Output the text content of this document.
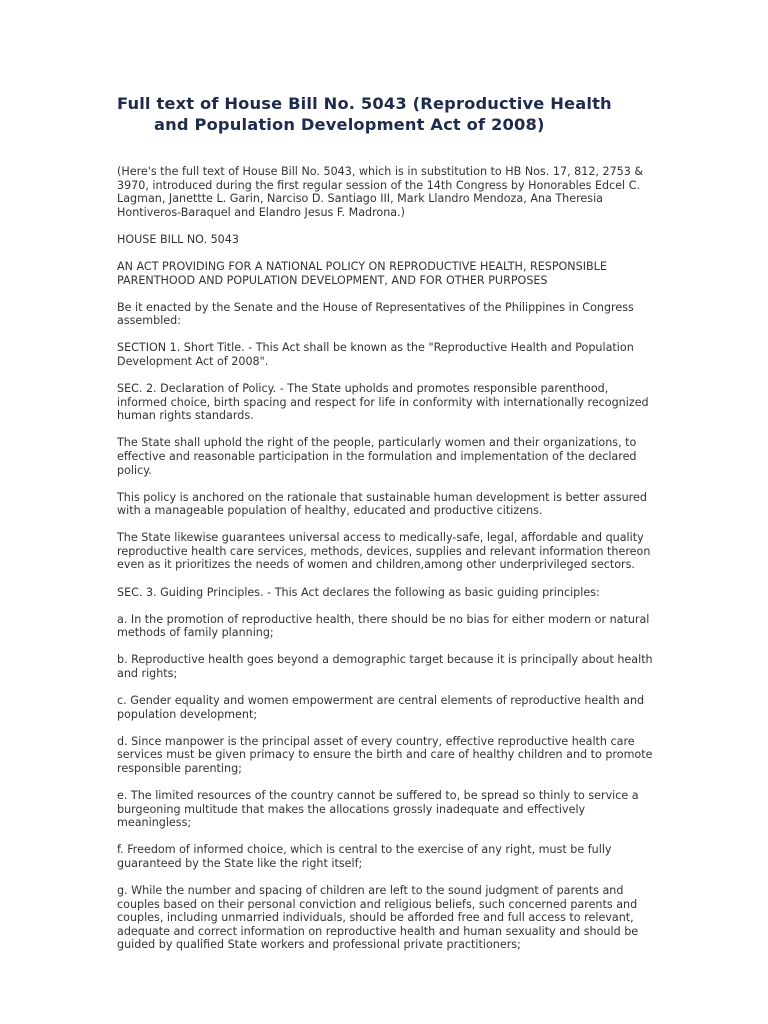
Full text of House Bill No. 5043 (Reproductive Health
and Population Development Act of 2008)

(Here's the full text of House Bill No. 5043, which is in substitution to HB Nos. 17, 812, 2753 & 3970, introduced during the first regular session of the 14th Congress by Honorables Edcel C. Lagman, Janettte L. Garin, Narciso D. Santiago III, Mark Llandro Mendoza, Ana Theresia Hontiveros-Baraquel and Elandro Jesus F. Madrona.)

HOUSE BILL NO. 5043

AN ACT PROVIDING FOR A NATIONAL POLICY ON REPRODUCTIVE HEALTH, RESPONSIBLE PARENTHOOD AND POPULATION DEVELOPMENT, AND FOR OTHER PURPOSES

Be it enacted by the Senate and the House of Representatives of the Philippines in Congress assembled:

SECTION 1. Short Title. - This Act shall be known as the "Reproductive Health and Population Development Act of 2008".

SEC. 2. Declaration of Policy. - The State upholds and promotes responsible parenthood, informed choice, birth spacing and respect for life in conformity with internationally recognized human rights standards.

The State shall uphold the right of the people, particularly women and their organizations, to effective and reasonable participation in the formulation and implementation of the declared policy.

This policy is anchored on the rationale that sustainable human development is better assured with a manageable population of healthy, educated and productive citizens.

The State likewise guarantees universal access to medically-safe, legal, affordable and quality reproductive health care services, methods, devices, supplies and relevant information thereon even as it prioritizes the needs of women and children,among other underprivileged sectors.

SEC. 3. Guiding Principles. - This Act declares the following as basic guiding principles:

a. In the promotion of reproductive health, there should be no bias for either modern or natural methods of family planning;

b. Reproductive health goes beyond a demographic target because it is principally about health and rights;

c. Gender equality and women empowerment are central elements of reproductive health and population development;

d. Since manpower is the principal asset of every country, effective reproductive health care services must be given primacy to ensure the birth and care of healthy children and to promote responsible parenting;

e. The limited resources of the country cannot be suffered to, be spread so thinly to service a burgeoning multitude that makes the allocations grossly inadequate and effectively meaningless;

f. Freedom of informed choice, which is central to the exercise of any right, must be fully guaranteed by the State like the right itself;

g. While the number and spacing of children are left to the sound judgment of parents and couples based on their personal conviction and religious beliefs, such concerned parents and couples, including unmarried individuals, should be afforded free and full access to relevant, adequate and correct information on reproductive health and human sexuality and should be guided by qualified State workers and professional private practitioners;
